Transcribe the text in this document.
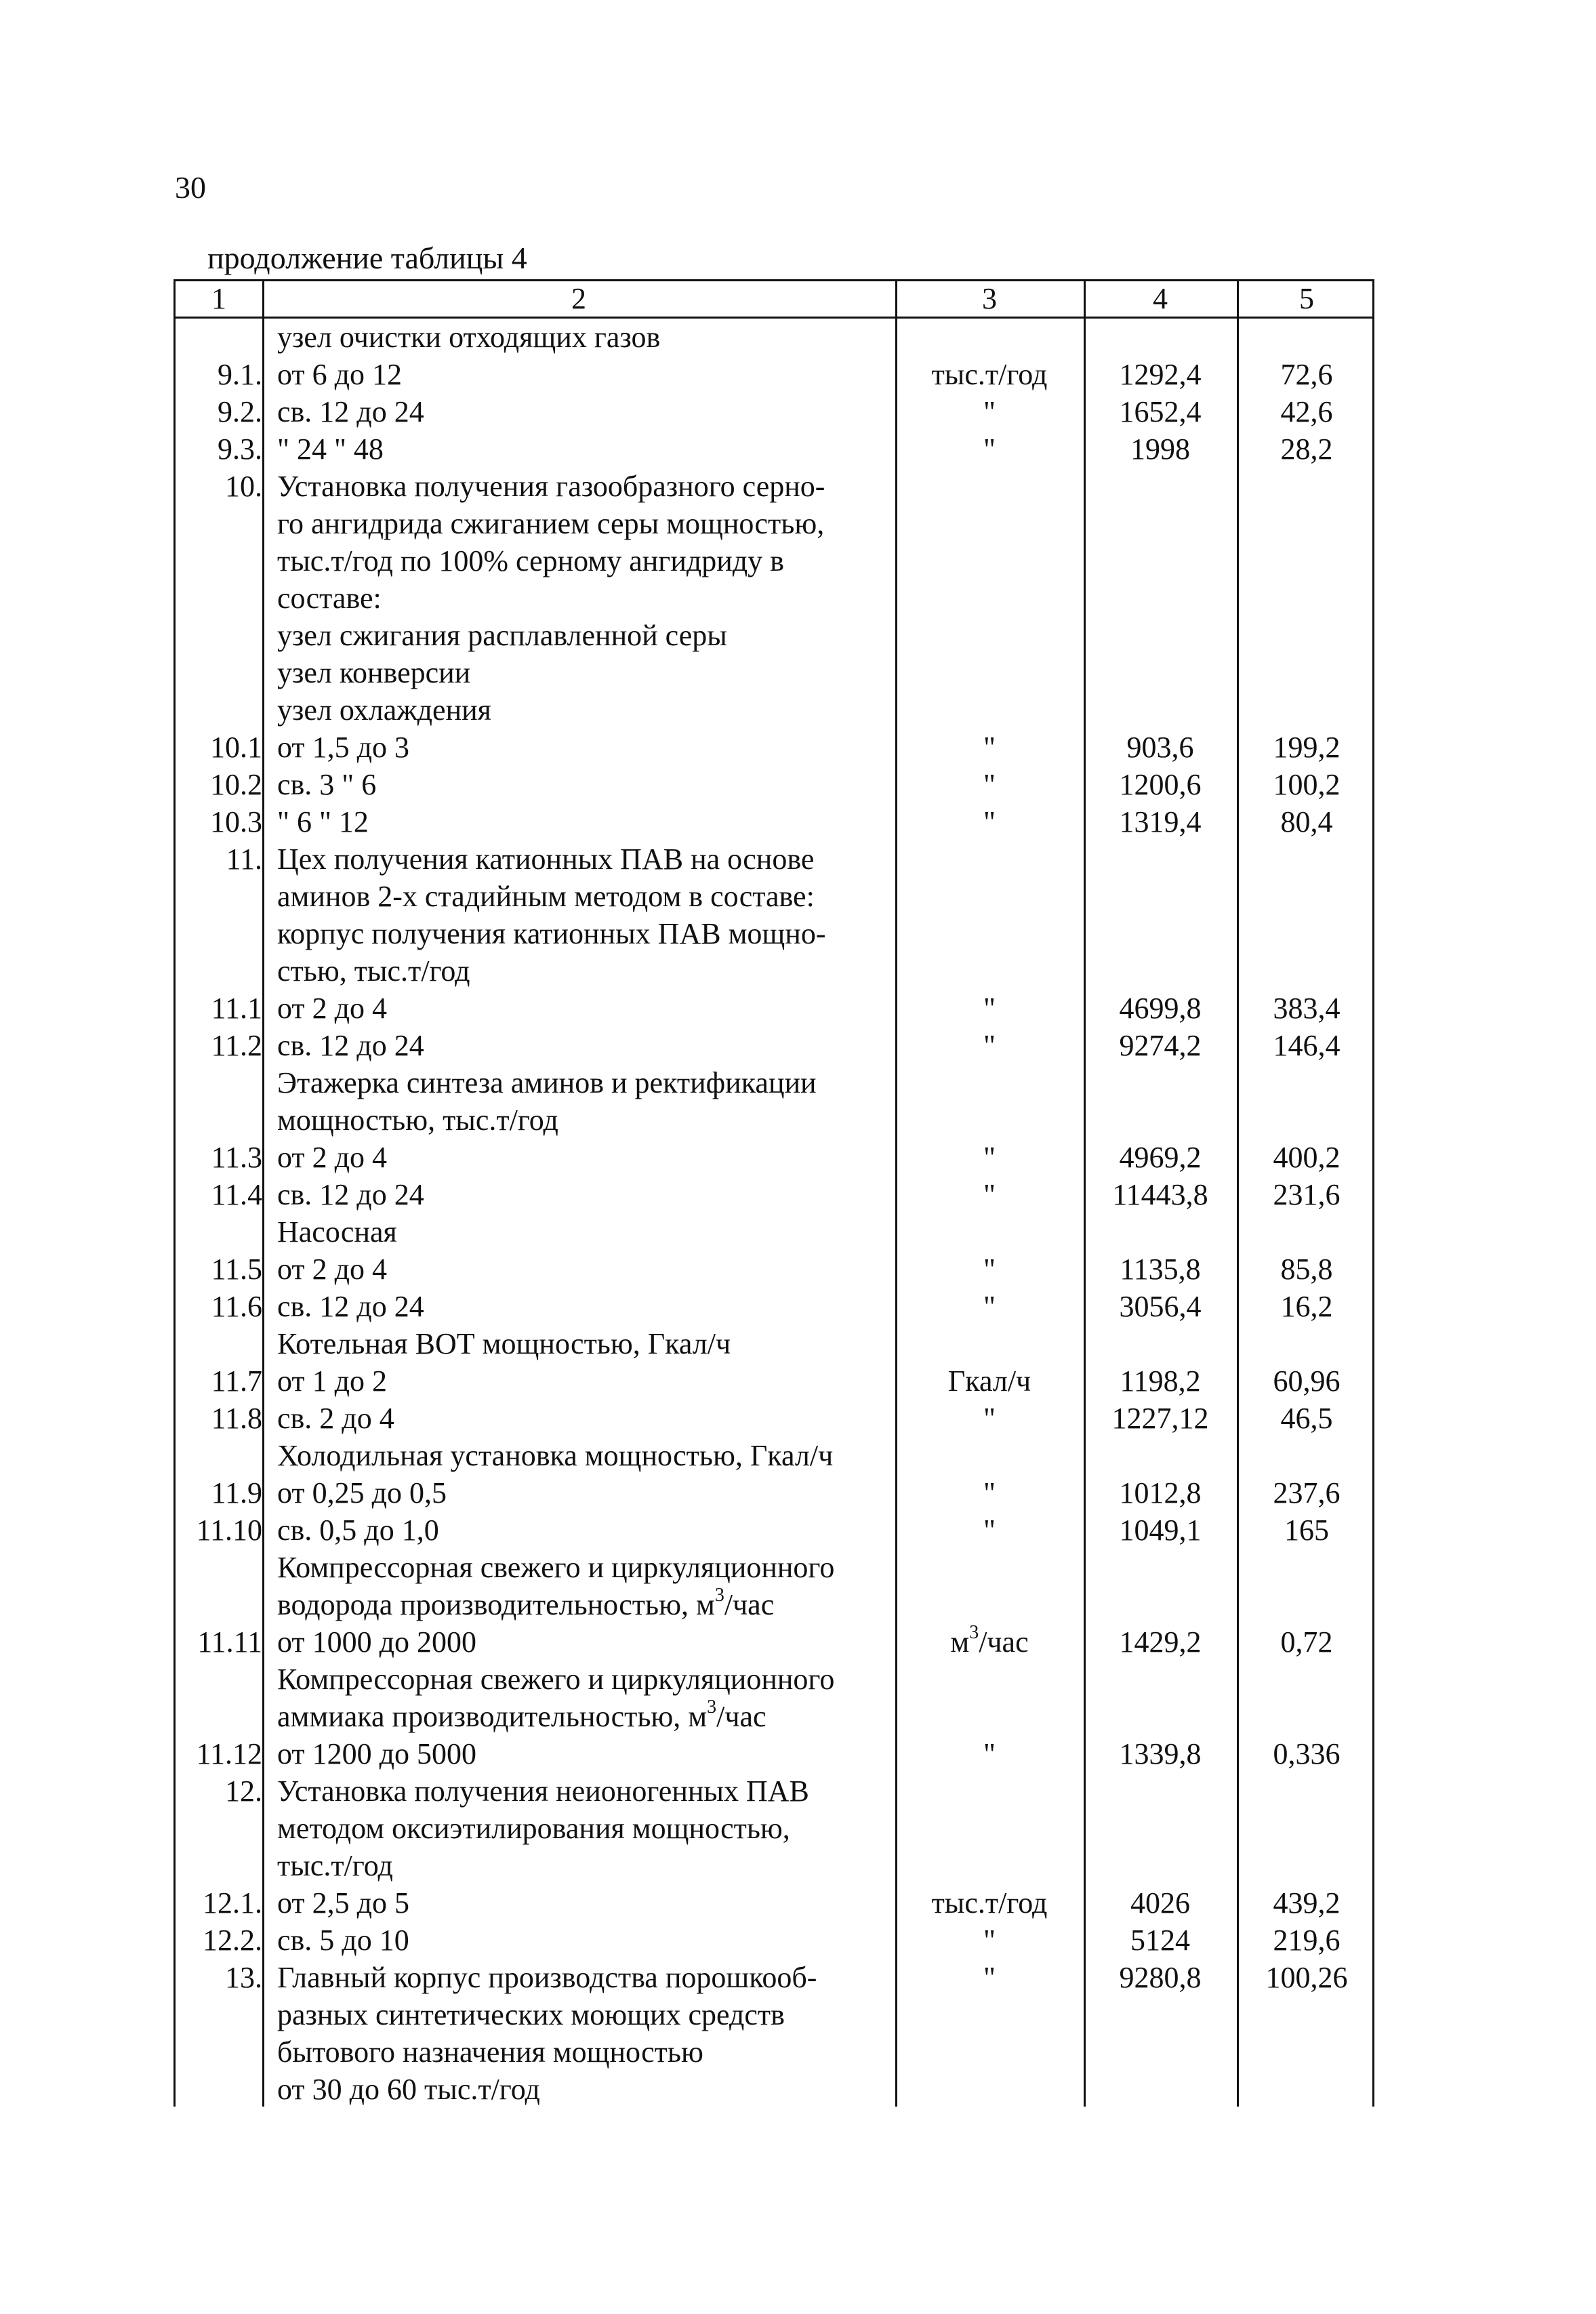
30
продолжение таблицы 4
1	2	3	4	5
узел очистки отходящих газов
9.1. от 6 до 12	тыс.т/год	1292,4	72,6
9.2. св. 12 до 24	"	1652,4	42,6
9.3. " 24 " 48	"	1998	28,2
10. Установка получения газообразного серно-
го ангидрида сжиганием серы мощностью,
тыс.т/год по 100% серному ангидриду в
составе:
узел сжигания расплавленной серы
узел конверсии
узел охлаждения
10.1 от 1,5 до 3	"	903,6	199,2
10.2 св. 3 " 6	"	1200,6	100,2
10.3 " 6 " 12	"	1319,4	80,4
11. Цех получения катионных ПАВ на основе
аминов 2-х стадийным методом в составе:
корпус получения катионных ПАВ мощно-
стью, тыс.т/год
11.1 от 2 до 4	"	4699,8	383,4
11.2 св. 12 до 24	"	9274,2	146,4
Этажерка синтеза аминов и ректификации
мощностью, тыс.т/год
11.3 от 2 до 4	"	4969,2	400,2
11.4 св. 12 до 24	"	11443,8	231,6
Насосная
11.5 от 2 до 4	"	1135,8	85,8
11.6 св. 12 до 24	"	3056,4	16,2
Котельная ВОТ мощностью, Гкал/ч
11.7 от 1 до 2	Гкал/ч	1198,2	60,96
11.8 св. 2 до 4	"	1227,12	46,5
Холодильная установка мощностью, Гкал/ч
11.9 от 0,25 до 0,5	"	1012,8	237,6
11.10 св. 0,5 до 1,0	"	1049,1	165
Компрессорная свежего и циркуляционного
водорода производительностью, $м^3$/час
11.11 от 1000 до 2000	$м^3$/час	1429,2	0,72
Компрессорная свежего и циркуляционного
аммиака производительностью, $м^3$/час
11.12 от 1200 до 5000	"	1339,8	0,336
12. Установка получения неионогенных ПАВ
методом оксиэтилирования мощностью,
тыс.т/год
12.1. от 2,5 до 5	тыс.т/год	4026	439,2
12.2. св. 5 до 10	"	5124	219,6
13. Главный корпус производства порошкооб-	"	9280,8	100,26
разных синтетических моющих средств
бытового назначения мощностью
от 30 до 60 тыс.т/год
